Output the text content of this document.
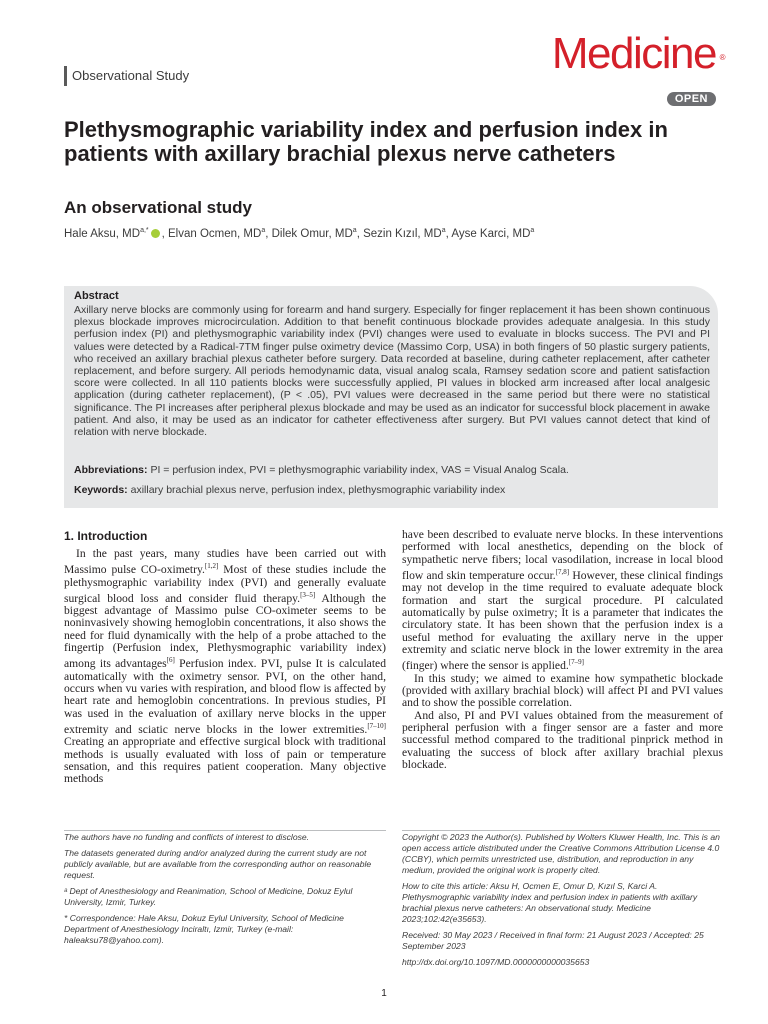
Observational Study	Medicine ®
OPEN
Plethysmographic variability index and perfusion index in patients with axillary brachial plexus nerve catheters
An observational study
Hale Aksu, $MD^{a,*}$ , Elvan Ocmen, $MD^a$, Dilek Omur, $MD^a$, Sezin Kızıl, $MD^a$, Ayse Karci, $MD^a$
Abstract
Axillary nerve blocks are commonly using for forearm and hand surgery. Especially for finger replacement it has been shown continuous plexus blockade improves microcirculation. Addition to that benefit continuous blockade provides adequate analgesia. In this study perfusion index (PI) and plethysmographic variability index (PVI) changes were used to evaluate in blocks success. The PVI and PI values were detected by a Radical-7TM finger pulse oximetry device (Massimo Corp, USA) in both fingers of 50 plastic surgery patients, who received an axillary brachial plexus catheter before surgery. Data recorded at baseline, during catheter replacement, after catheter replacement, and before surgery. All periods hemodynamic data, visual analog scala, Ramsey sedation score and patient satisfaction score were collected. In all 110 patients blocks were successfully applied, PI values in blocked arm increased after local analgesic application (during catheter replacement), (P < .05), PVI values were decreased in the same period but there were no statistical significance. The PI increases after peripheral plexus blockade and may be used as an indicator for successful block placement in awake patient. And also, it may be used as an indicator for catheter effectiveness after surgery. But PVI values cannot detect that kind of relation with nerve blockade.
Abbreviations: PI = perfusion index, PVI = plethysmographic variability index, VAS = Visual Analog Scala.
Keywords: axillary brachial plexus nerve, perfusion index, plethysmographic variability index
1. Introduction

In the past years, many studies have been carried out with Massimo pulse CO-oximetry.[1,2] Most of these studies include the plethysmographic variability index (PVI) and generally evaluate surgical blood loss and consider fluid therapy.[3–5] Although the biggest advantage of Massimo pulse CO-oximeter seems to be noninvasively showing hemoglobin concentrations, it also shows the need for fluid dynamically with the help of a probe attached to the fingertip (Perfusion index, Plethysmographic variability index) among its advantages[6] Perfusion index. PVI, pulse It is calculated automatically with the oximetry sensor. PVI, on the other hand, occurs when vu varies with respiration, and blood flow is affected by heart rate and hemoglobin concentrations. In previous studies, PI was used in the evaluation of axillary nerve blocks in the upper extremity and sciatic nerve blocks in the lower extremities.[7–10] Creating an appropriate and effective surgical block with traditional methods is usually evaluated with loss of pain or temperature sensation, and this requires patient cooperation. Many objective methods

have been described to evaluate nerve blocks. In these interventions performed with local anesthetics, depending on the block of sympathetic nerve fibers; local vasodilation, increase in local blood flow and skin temperature occur.[7,8] However, these clinical findings may not develop in the time required to evaluate adequate block formation and start the surgical procedure. PI calculated automatically by pulse oximetry; It is a parameter that indicates the circulatory state. It has been shown that the perfusion index is a useful method for evaluating the axillary nerve in the upper extremity and sciatic nerve block in the lower extremity in the area (finger) where the sensor is applied.[7–9]

In this study; we aimed to examine how sympathetic blockade (provided with axillary brachial block) will affect PI and PVI values and to show the possible correlation.

And also, PI and PVI values obtained from the measurement of peripheral perfusion with a finger sensor are a faster and more successful method compared to the traditional pinprick method in evaluating the success of block after axillary brachial plexus blockade.

The authors have no funding and conflicts of interest to disclose.

The datasets generated during and/or analyzed during the current study are not publicly available, but are available from the corresponding author on reasonable request.

ᵃ Dept of Anesthesiology and Reanimation, School of Medicine, Dokuz Eylul University, Izmir, Turkey.

* Correspondence: Hale Aksu, Dokuz Eylul University, School of Medicine Department of Anesthesiology Inciraltı, Izmir, Turkey (e-mail: haleaksu78@yahoo.com).

Copyright © 2023 the Author(s). Published by Wolters Kluwer Health, Inc. This is an open access article distributed under the Creative Commons Attribution License 4.0 (CCBY), which permits unrestricted use, distribution, and reproduction in any medium, provided the original work is properly cited.

How to cite this article: Aksu H, Ocmen E, Omur D, Kızıl S, Karci A. Plethysmographic variability index and perfusion index in patients with axillary brachial plexus nerve catheters: An observational study. Medicine 2023;102:42(e35653).

Received: 30 May 2023 / Received in final form: 21 August 2023 / Accepted: 25 September 2023

http://dx.doi.org/10.1097/MD.0000000000035653

1
